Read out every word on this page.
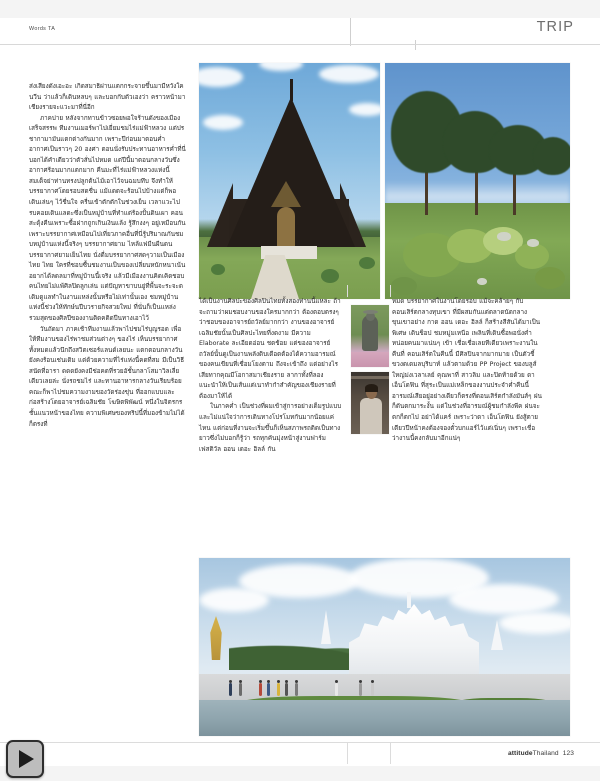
Words TA	TRIP

ส่งเสียงดังเอะอะ เกิดสมาธิผ่านแตกกระจายขึ้นมามีหวังใคนวีน ว่าแล้วก็เดินหลบๆ และบอกกับตัวเองว่า คราวหน้ามาเชียงรายจะแวะมาที่นี่อีก

ภาคบ่าย หลังจากทานข้าวซอยพอใจร้านดังของเมืองเสร็จสรรพ ทีมงานเมอร์พาไปเยี่ยมชมไร่แม่ฟ้าหลวง แต่ปรชากามามันแตกต่างกันมาก เพราะปีก่อนมาตอนค่ำ อากาศเป็นราวๆ 20 องศา ตอนนั่งรับประทานอาหารค่ำที่นี่บอกได้คำเดียวว่าตัวสั่นไปหมด แต่ปีนี้มาตอนกลางวันซึ่งอากาศร้อนมากแตกมาก คืนมะที่ไร่แม่ฟ้าหลวงแห่งนี้ สมเด็จย่าท่านทรงปลูกต้นไม้เอาไว้จนฉมบทึบ จึงทำให้บรรยากาศโดยรอบสดชื่น แม้แดดจะร้อนไปบ้างแต่ก็พอเดินเล่นๆ ไว้ชื่นใจ ครื่นเข้าตักตักในช่วงเย็น เวลาแวะไปรบคอยเดินแลดะซึ่งเป็นหมู่บ้านที่ทำแต่ร้องปั้นดินเผา คอนสะดุ้งคืนเพราะซื้อฝากถูกเกินเงินแล้ง รู้สึกงงๆ อยู่เหมือนกัน เพราะบรรยากาศเหมือนไปเที่ยวภาคอื่นที่นี่รู้ปริมาณกันชมบหมู่บ้านแห่งนี้จริงๆ บรรยากาศยาม ไหล้แฟมืนผืนดน บรรยากาศยามเย็นไทย นั่งดื่มบรรยากาศสดๆวามเป็นเมืองไทย ไทย ใครที่ชอบซื้นชมงานเป็นของเปลี่ยนหนักหนาเน้น อยากได้ลดลมาที่หมู่บ้านนี้เจริง แล้วมีเมืองงานคิดเคิดชอบคนไทยไม่แพ้ศิลปิดลูกเล่น แต่ปัญหาขาบนยู่ที่พื้นจะระจะดเดิมดูแลทำในงานแหล่งนั้นหรือไม่เท่านั้นเอง ชมหมู่บ้านแห่งนี้ช่วงให้ทักษ์นปีบวรายกิจสวยใหม่ ที่นั่นก็เป็นแหล่งรวมสุดของศิลปีของงานติดคติดปืนทางเอาไว้

วันถัดมา ภาคเช้าทีมงานแล้วพาไปชมไร่บุญรอด เพื่อให้ทีมงานของไร่พาชมส่วนต่างๆ ของไร่ เห็นบรรยากาศทั้งหมดแล้วนึกถึงสวิตเซอร์แลนด์เลยนะ แตกตอนกลางวันยังคงร้อนเช่นเดิม แต่ด้วยความที่ไร่แห่งนี้คดที่สม มีเป็นวิธีสนัดที่อารา ดดดยังคงมีช่อคดที่รวยอัชั้นกลาโสมาวิลเลี่ยเดียวเลยล่ะ นั่งรถชมไร่ และทานอาหารกลางวันเรียบร้อย คณะก็พาไปชมความงามของวัดร่องขุ่น ที่ออกแบบและก่อสร้างโดยอาจารย์เฉลิมชัย โฆษิตพิพัฒน์ หนึ่งในจิตรกรชั้นแนวหน้าของไทย ความพิเศษของทริปนี้ที่มองข้ามไม่ได้ก็ตรงที่

ได้เป็นงานศิลปะของศิลปินไทยทั้งสองท่านนี้แหละ ถ้าจะถามว่าผมชอบงานของใครมากกว่า ต้องตอบตรงๆ ว่าชอบของอาจารย์ถวัลย์มากกว่า งานของอาจารย์เฉลิมชัยนั้นเป็นศิลปะไทยที่งดงาม มีความ Elaborate ละเอียดอ่อน ชดช้อย แต่ของอาจารย์ถวัลย์นั้นดูเป็นงานพลังดิบเดือดต้องได้ความอารมณ์ของคนเขียนที่เชื่อมโยงตาม ถึงจะเข้าถึง แต่อย่างไรเสียทากคุณมีโอกาสมาเชียงราย ลากาทั้งที่ลองแนะนำให้เป็นเส้นแต่เนาทำกำสำคัญของเชียงรายที่ต้องมาให้ได้

ในภาคค่ำ เป็นช่วงที่ผมเข้าสู่การอย่างเต็มรูปแบบ และไม่แน่ใจว่าการเดินทางโปรโมทกันมากน้อยแค่ไหน แต่ก่อนที่งานจะเริ่มขึ้นก็เห็นสภาพรถติดเป็นทางยาวซึ่งไม่บอกก็รู้ว่า รถทุกคันมุ่งหน้าสู่งานฟาร์ม เฟสติวัล ออน เดอะ ฮิลล์ กัน

หมด บรรยากาศในงานโดยรอบ แม้จะคล้ายๆ กับคอนเสิร์ตกลางทุบเขา ที่มีผสมกันแต่ตลาดนัดกลางขุนเขาอย่าง กาด ออน เดอะ ฮิลล์ ก็สร้างสีสันได้มาเป็นพิเศษ เดินช็อป ชมหมู่มเหนือ เพลินที่เดินซื้อพอนั่งค่ำหน่อยคนมาแน่นๆ เข้า เชื่อเชื่อเลยทีเดียวเพราะงานในคืนที่ คอนเสิร์ตในคืนนี้ มีศิลปินจากมากมาย เป็นตัวชี้ขวงดเดมลบุริบาท์ แล้วตามด้วย PP Project ของบลูส์ ใหญ่ม่งเวลาเลย์ คุณพาที่ สาวลิม และปิดท้ายด้วย ดา เอ็นโดฟิน ที่สุระเป็นแม่เหล็กของงานประจำค่ำคืนนี้ อารมณ์เสียอยู่อย่างเดียวก็ตรงที่ดอนเสิร์ตกำลังมันส์ๆ ฝนก็ดันตกมาระงั้น แต่ในช่วงที่อารมณ์ผู้ชมกำลังพีค ฝนจะตกก็ตกไป อย่าได้แคร์ เพราะว่าดา เอ็นโดฟิน ยังสู้ตาย เตียวปีหน้าคงต้องจองตั๋วบกแอร์ไว้แต่เนิ่นๆ เพราะเชื่อว่างานนี้คงกลับมาอีกแน่ๆ

attitudeThailand 123
